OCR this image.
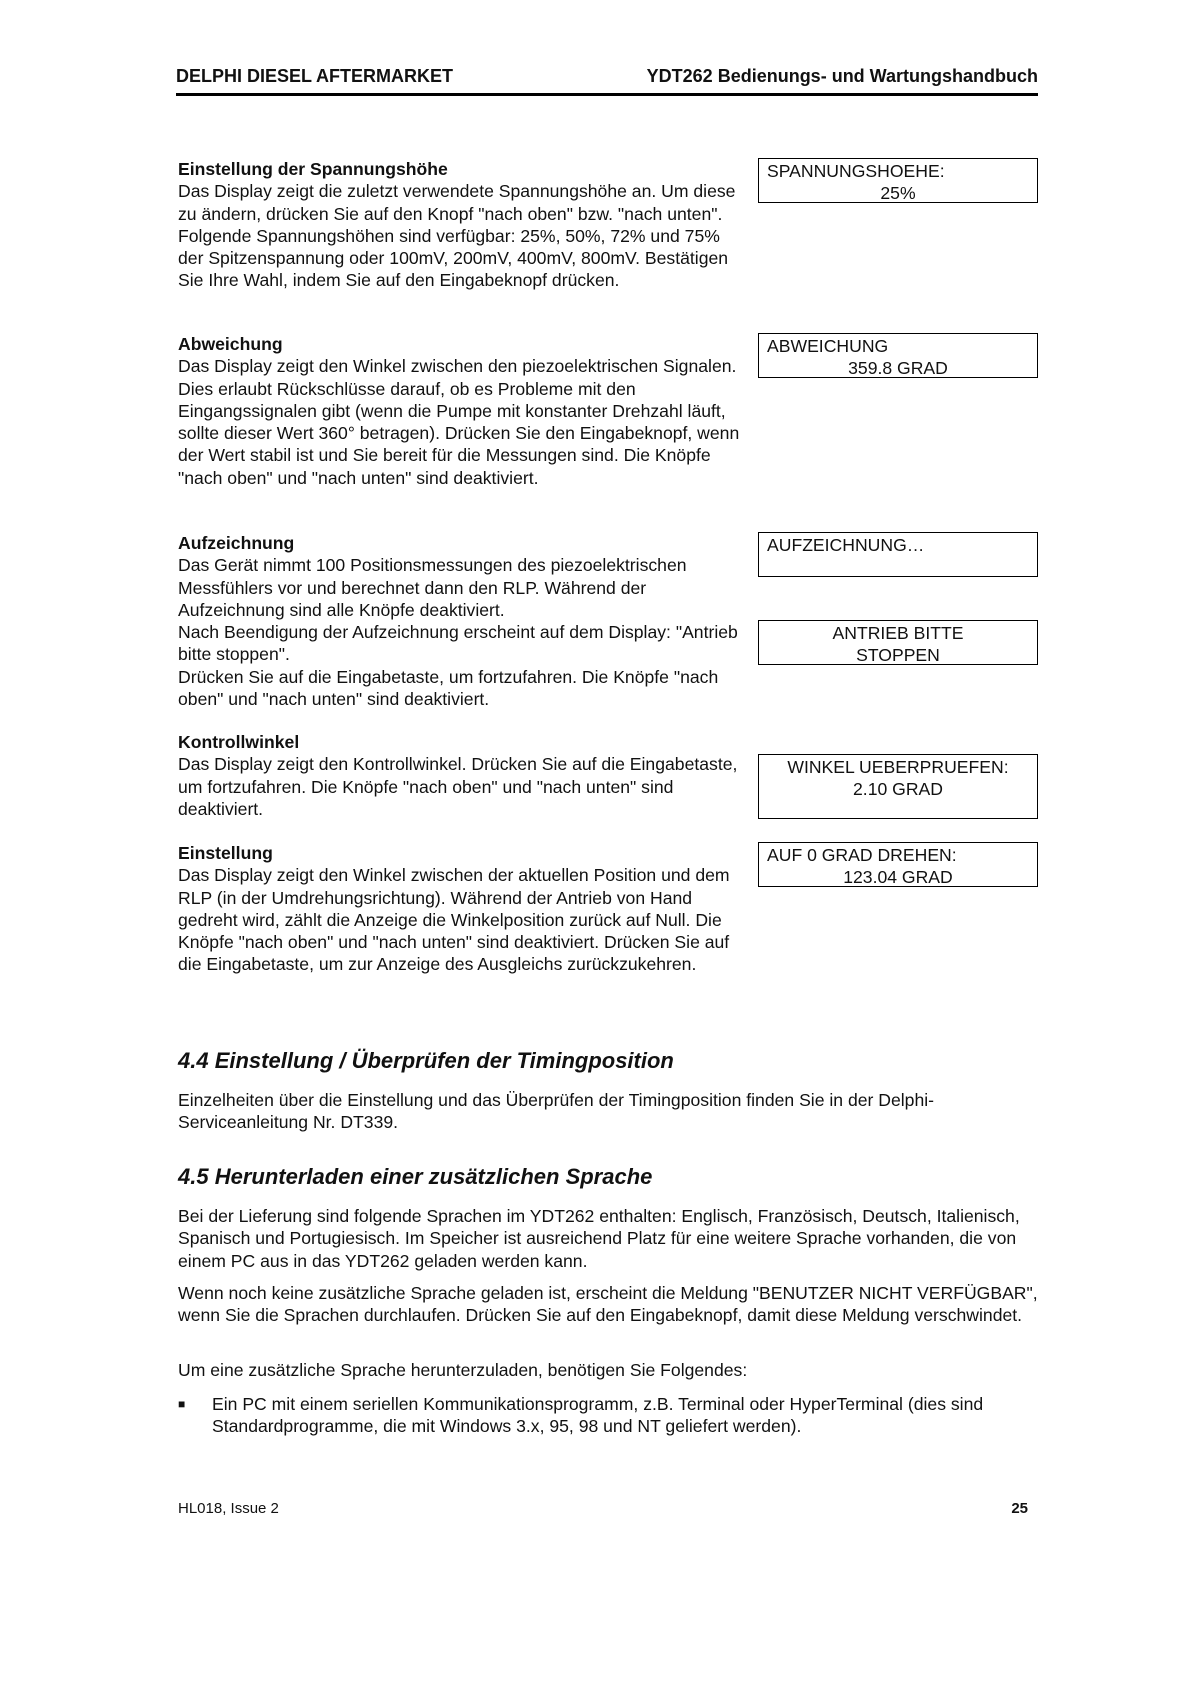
DELPHI DIESEL AFTERMARKET	YDT262 Bedienungs- und Wartungshandbuch
Einstellung der Spannungshöhe
Das Display zeigt die zuletzt verwendete Spannungshöhe an. Um diese zu ändern, drücken Sie auf den Knopf "nach oben" bzw. "nach unten". Folgende Spannungshöhen sind verfügbar: 25%, 50%, 72% und 75% der Spitzenspannung oder 100mV, 200mV, 400mV, 800mV. Bestätigen Sie Ihre Wahl, indem Sie auf den Eingabeknopf drücken.
SPANNUNGSHOEHE:
25%
Abweichung
Das Display zeigt den Winkel zwischen den piezoelektrischen Signalen. Dies erlaubt Rückschlüsse darauf, ob es Probleme mit den Eingangssignalen gibt (wenn die Pumpe mit konstanter Drehzahl läuft, sollte dieser Wert 360° betragen). Drücken Sie den Eingabeknopf, wenn der Wert stabil ist und Sie bereit für die Messungen sind. Die Knöpfe "nach oben" und "nach unten" sind deaktiviert.
ABWEICHUNG
359.8 GRAD
Aufzeichnung
Das Gerät nimmt 100 Positionsmessungen des piezoelektrischen Messfühlers vor und berechnet dann den RLP. Während der Aufzeichnung sind alle Knöpfe deaktiviert.
Nach Beendigung der Aufzeichnung erscheint auf dem Display: "Antrieb bitte stoppen".
Drücken Sie auf die Eingabetaste, um fortzufahren. Die Knöpfe "nach oben" und "nach unten" sind deaktiviert.
AUFZEICHNUNG…
ANTRIEB BITTE
STOPPEN
Kontrollwinkel
Das Display zeigt den Kontrollwinkel. Drücken Sie auf die Eingabetaste, um fortzufahren. Die Knöpfe "nach oben" und "nach unten" sind deaktiviert.
WINKEL UEBERPRUEFEN:
2.10 GRAD
Einstellung
Das Display zeigt den Winkel zwischen der aktuellen Position und dem RLP (in der Umdrehungsrichtung). Während der Antrieb von Hand gedreht wird, zählt die Anzeige die Winkelposition zurück auf Null. Die Knöpfe "nach oben" und "nach unten" sind deaktiviert. Drücken Sie auf die Eingabetaste, um zur Anzeige des Ausgleichs zurückzukehren.
AUF 0 GRAD DREHEN:
123.04 GRAD
4.4 Einstellung / Überprüfen der Timingposition
Einzelheiten über die Einstellung und das Überprüfen der Timingposition finden Sie in der Delphi-Serviceanleitung Nr. DT339.
4.5 Herunterladen einer zusätzlichen Sprache
Bei der Lieferung sind folgende Sprachen im YDT262 enthalten: Englisch, Französisch, Deutsch, Italienisch, Spanisch und Portugiesisch. Im Speicher ist ausreichend Platz für eine weitere Sprache vorhanden, die von einem PC aus in das YDT262 geladen werden kann.
Wenn noch keine zusätzliche Sprache geladen ist, erscheint die Meldung "BENUTZER NICHT VERFÜGBAR", wenn Sie die Sprachen durchlaufen. Drücken Sie auf den Eingabeknopf, damit diese Meldung verschwindet.
Um eine zusätzliche Sprache herunterzuladen, benötigen Sie Folgendes:
■ Ein PC mit einem seriellen Kommunikationsprogramm, z.B. Terminal oder HyperTerminal (dies sind Standardprogramme, die mit Windows 3.x, 95, 98 und NT geliefert werden).
HL018, Issue 2	25
